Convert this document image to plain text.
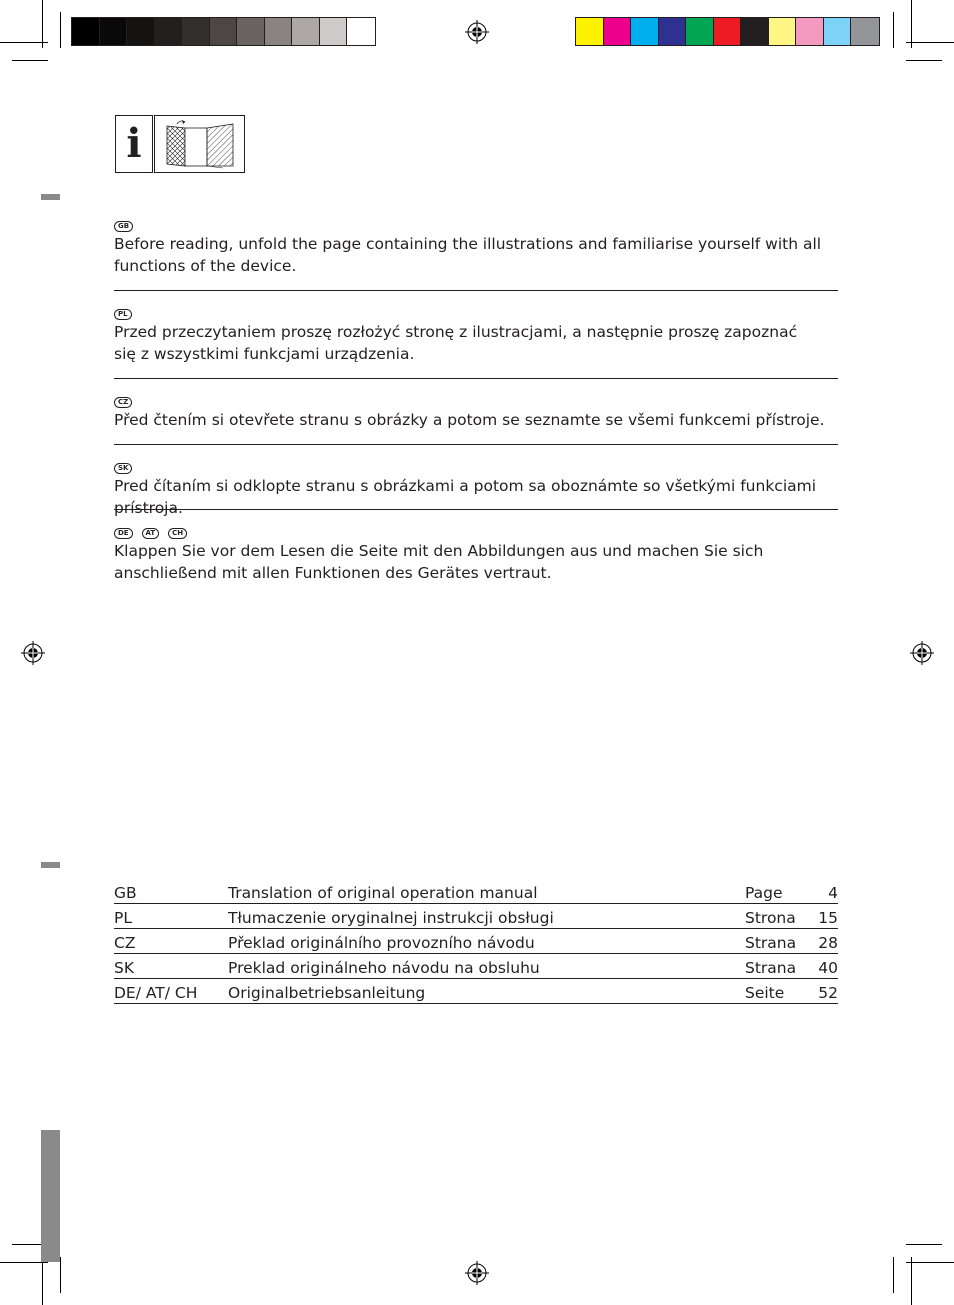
i
GB

Before reading, unfold the page containing the illustrations and familiarise yourself with all functions of the device.

PL

Przed przeczytaniem proszę rozłożyć stronę z ilustracjami, a następnie proszę zapoznać się z wszystkimi funkcjami urządzenia.

CZ

Před čtením si otevřete stranu s obrázky a potom se seznamte se všemi funkcemi přístroje.

SK

Pred čítaním si odklopte stranu s obrázkami a potom sa oboznámte so všetkými funkciami prístroja.

DE AT CH

Klappen Sie vor dem Lesen die Seite mit den Abbildungen aus und machen Sie sich anschließend mit allen Funktionen des Gerätes vertraut.

GB	Translation of original operation manual	Page	4
PL	Tłumaczenie oryginalnej instrukcji obsługi	Strona	15
CZ	Překlad originálního provozního návodu	Strana	28
SK	Preklad originálneho návodu na obsluhu	Strana	40
DE/ AT/ CH	Originalbetriebsanleitung	Seite	52
